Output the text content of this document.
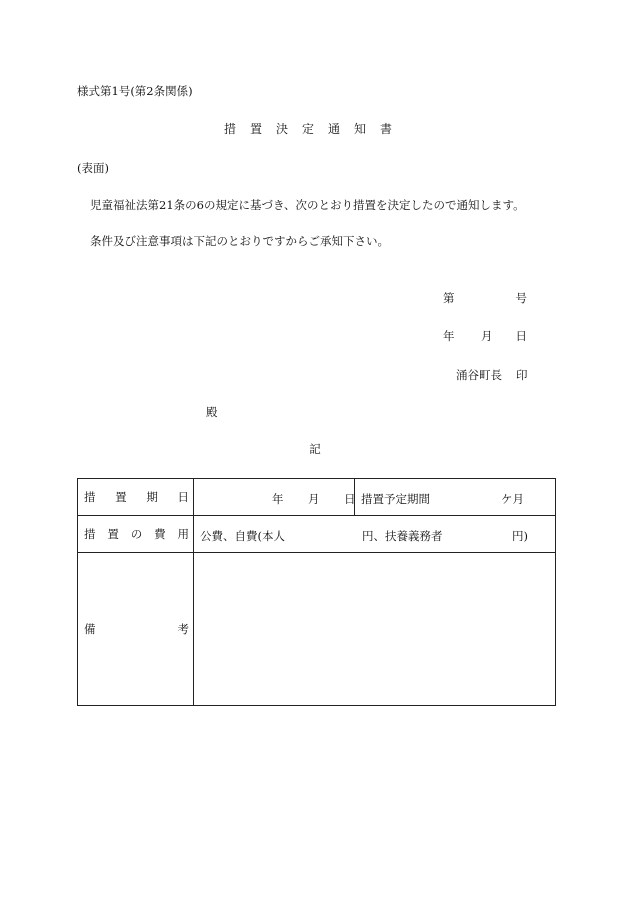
様式第1号(第2条関係)
措置決定通知書
(表面)
児童福祉法第21条の6の規定に基づき、次のとおり措置を決定したので通知します。
条件及び注意事項は下記のとおりですからご承知下さい。
第	号
年 月 日
涌谷町長 印
殿
記
措 置 期 日	年 月 日	措置予定期間 ケ月

措 置 の 費 用	公費、自費(本人 円、扶養義務者 円)	

備 考		
